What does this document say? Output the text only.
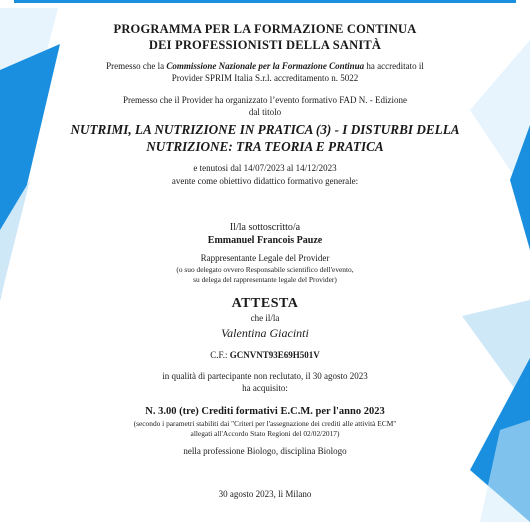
PROGRAMMA PER LA FORMAZIONE CONTINUA
DEI PROFESSIONISTI DELLA SANITÀ
Premesso che la Commissione Nazionale per la Formazione Continua ha accreditato il
Provider SPRIM Italia S.r.l. accreditamento n. 5022
Premesso che il Provider ha organizzato l’evento formativo FAD N. - Edizione
dal titolo
NUTRIMI, LA NUTRIZIONE IN PRATICA (3) - I DISTURBI DELLA
NUTRIZIONE: TRA TEORIA E PRATICA
e tenutosi dal 14/07/2023 al 14/12/2023
avente come obiettivo didattico formativo generale:
Il/la sottoscritto/a
Emmanuel Francois Pauze
Rappresentante Legale del Provider
(o suo delegato ovvero Responsabile scientifico dell'evento,
su delega del rappresentante legale del Provider)
ATTESTA
che il/la
Valentina Giacinti
C.F.: GCNVNT93E69H501V
in qualità di partecipante non reclutato, il 30 agosto 2023
ha acquisito:
N. 3.00 (tre) Crediti formativi E.C.M. per l'anno 2023
(secondo i parametri stabiliti dai "Criteri per l'assegnazione dei crediti alle attività ECM"
allegati all'Accordo Stato Regioni del 02/02/2017)
nella professione Biologo, disciplina Biologo
30 agosto 2023, lì Milano
